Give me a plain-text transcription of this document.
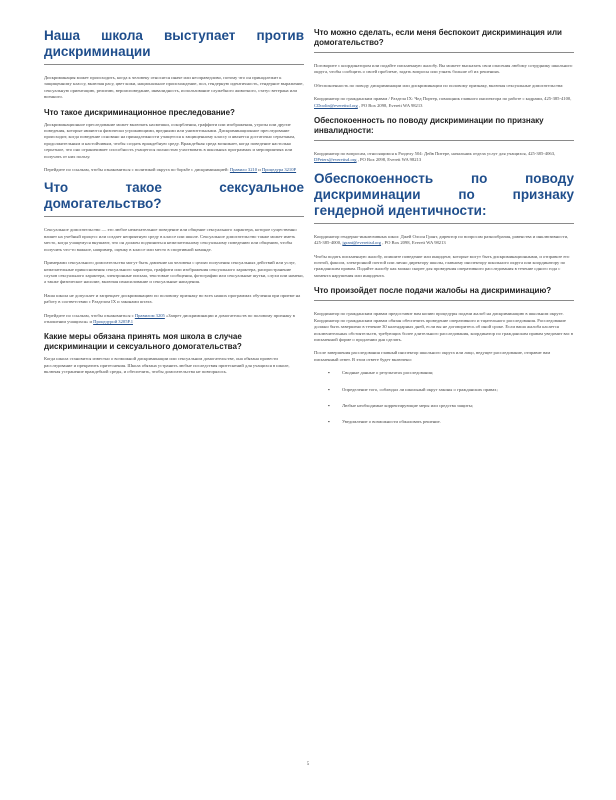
Наша школа выступает против дискриминации

Дискриминация может происходить, когда к человеку относятся иначе или несправедливо, потому что он принадлежит к защищенному классу, включая расу, цвет кожи, национальное происхождение, пол, гендерную идентичность, гендерное выражение, сексуальную ориентацию, религию, вероисповедание, инвалидность, использование служебного животного, статус ветерана или военного.

Что такое дискриминационное преследование?

Дискриминационное преследование может включать насмешки, оскорбления, граффити или изображения, угрозы или другие поведения, которые являются физически угрожающими, вредными или унизительными. Дискриминационное преследование происходит, когда поведение основано на принадлежности учащегося к защищенному классу и является достаточно серьезным, продолжительным и настойчивым, чтобы создать враждебную среду. Враждебная среда возникает, когда поведение настолько серьезное, что оно ограничивает способность учащегося полностью участвовать в школьных программах и мероприятиях или получать от них пользу.

Перейдите по ссылкам, чтобы ознакомиться с политикой округа по борьбе с дискриминацией: Правило 3210 и Процедура 3210P

Что такое сексуальное домогательство?

Сексуальное домогательство — это любое нежелательное поведение или общение сексуального характера, которое существенно влияет на учебный процесс или создает неприятную среду в классе или школе. Сексуальное домогательство также может иметь место, когда учащемуся внушают, что он должен подчиниться нежелательному сексуальному поведению или общению, чтобы получить что-то важное, например, оценку в классе или место в спортивной команде.

Примерами сексуального домогательства могут быть давление на человека с целью получения сексуальных действий или услуг, нежелательные прикосновения сексуального характера, граффити или изображения сексуального характера, распространение слухов сексуального характера, электронные письма, текстовые сообщения, фотографии или сексуальные шутки, слухи или намеки, а также физическое насилие, включая изнасилование и сексуальные нападения.

Наша школа не допускает и запрещает дискриминацию по половому признаку во всех наших программах обучения при приеме на работу в соответствии с Разделом IX и законами штата.

Перейдите по ссылкам, чтобы ознакомиться с Правилом 3205 «Запрет дискриминации и домогательств по половому признаку в отношении учащихся» и Процедурой 3205P.1

Какие меры обязана принять моя школа в случае дискриминации и сексуального домогательства?

Когда школа становится известно о возможной дискриминации или сексуальном домогательстве, она обязана провести расследование и прекратить притеснения. Школа обязана устранить любые последствия притеснений для учащихся в школе, включая устранение враждебной среды, и обеспечить, чтобы домогательства не повторялось.

Что можно сделать, если меня беспокоит дискриминация или домогательство?

Поговорите с координатором или подайте письменную жалобу. Вы можете высказать свои опасения любому сотруднику школьного округа, чтобы сообщить о своей проблеме, задать вопросы или узнать больше об их решениях.

Обеспокоенность по поводу дискриминации или дискриминации по половому признаку, включая сексуальные домогательства:

Координатор по гражданским правам / Раздела IX: Чед Портер, помощник главного инспектора по работе с кадрами, 425-385-4100, CDoolin@everettsd.org , PO Box 2098, Everett WA 98213

Обеспокоенность по поводу дискриминации по признаку инвалидности:

Координатор по вопросам, относящимся к Разделу 504: Дейв Питере, начальник отдела услуг для учащихся, 425-385-4063, DPeters@everettsd.org , PO Box 2098, Everett WA 98213

Обеспокоенность по поводу дискриминации по признаку гендерной идентичности:

Координатор гендерно-инклюзивных школ: Джей Олсон Грант, директор по вопросам разнообразия, равенства и инклюзивности, 425-385-4000, jgrant@everettsd.org , PO Box 2098, Everett WA 98213

Чтобы подать письменную жалобу, опишите поведение или инцидент, которые могут быть дискриминационными, и отправьте его почтой, факсом, электронной почтой или лично директору школы, главному инспектору школьного округа или координатору по гражданским правам. Подайте жалобу как можно скорее для проведения оперативного расследования в течение одного года с момента нарушения или инцидента.

Что произойдет после подачи жалобы на дискриминацию?

Координатор по гражданским правам предоставит вам копию процедуры подачи жалоб на дискриминацию в школьном округе. Координатор по гражданским правам обязан обеспечить проведение оперативного и тщательного расследования. Расследование должно быть завершено в течение 30 календарных дней, если вы не договоритесь об иной сроке. Если ваша жалоба касается исключительных обстоятельств, требующих более длительного расследования, координатор по гражданским правам уведомит вас в письменной форме о продлении дня сделать.

После завершения расследования главный инспектор школьного округа или лицо, ведущее расследование, отправит вам письменный ответ. В этом ответе будет включено:

▪	Сводные данные о результатах расследования;
▪	Определение того, соблюдал ли школьный округ законы о гражданских правах;
▪	Любые необходимые корректирующие меры или средства защиты;
▪	Уведомление о возможности обжаловать решение.
5
